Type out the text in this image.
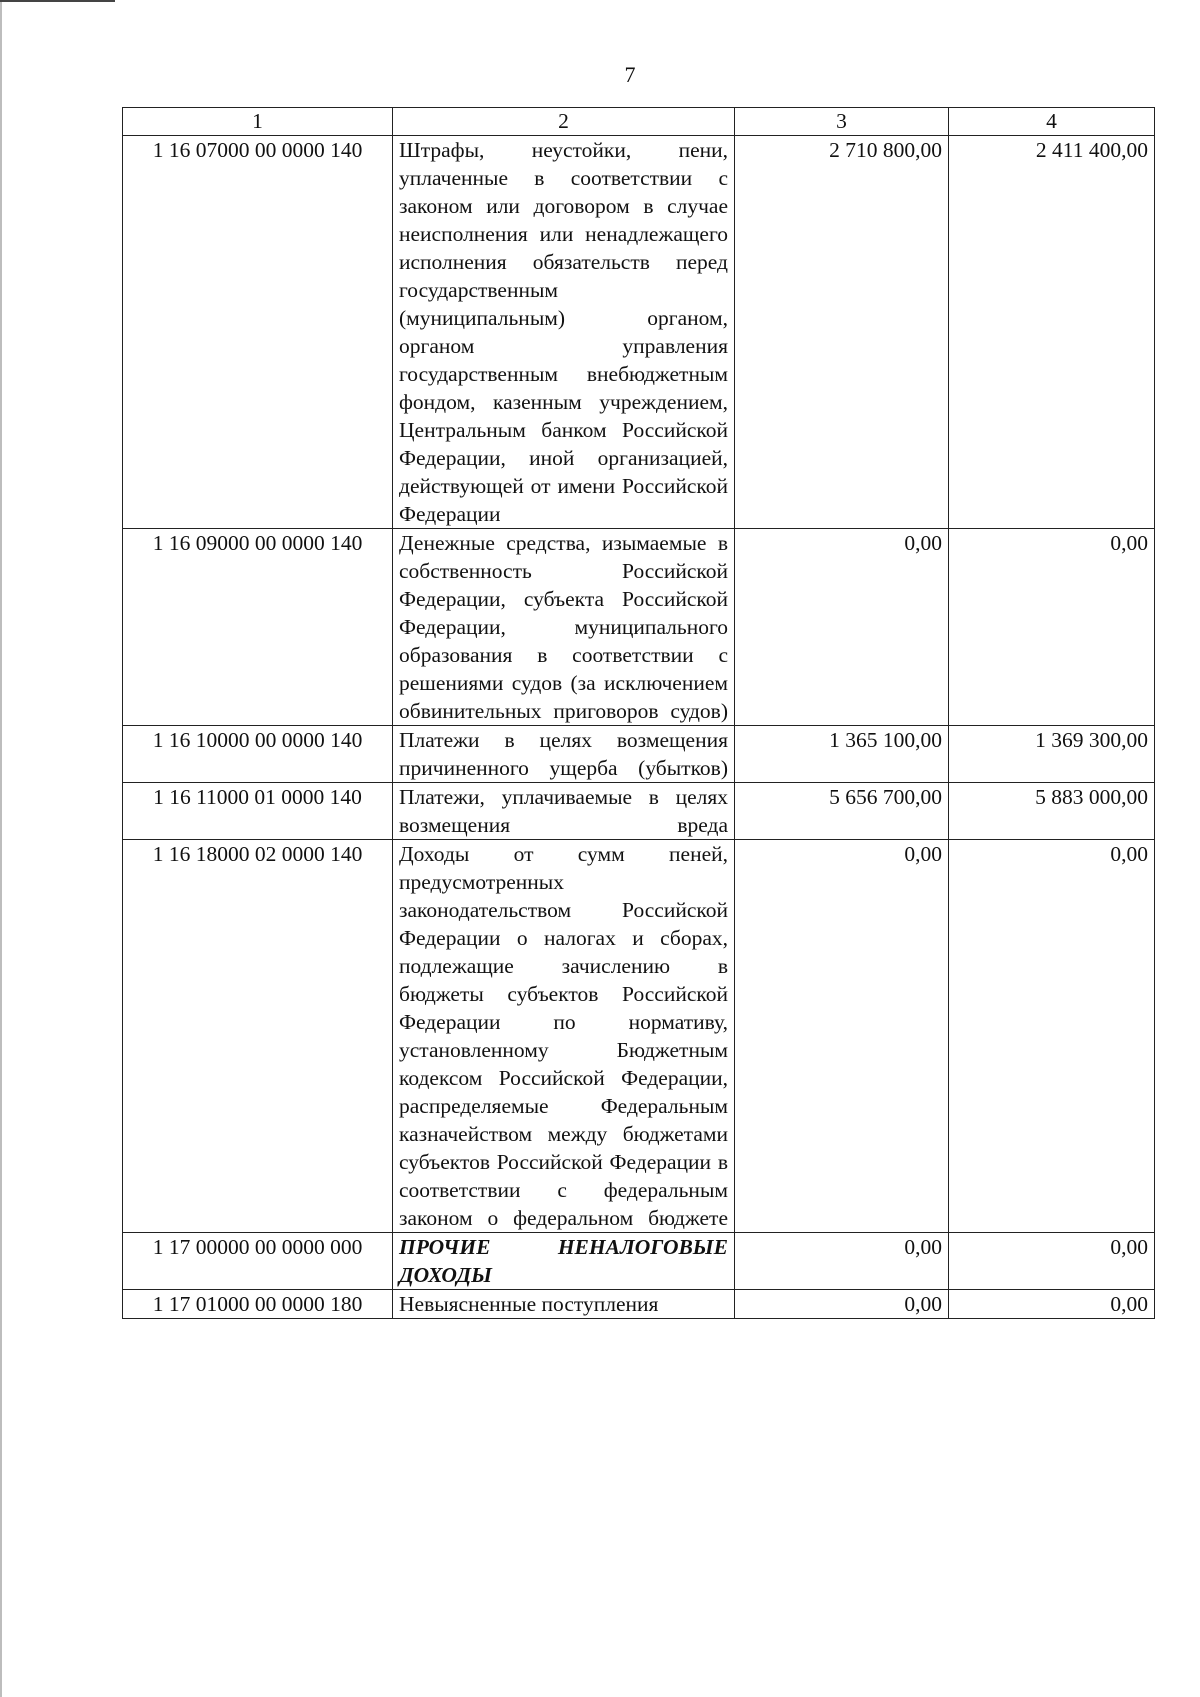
7
1	2	3	4
1 16 07000 00 0000 140	Штрафы, неустойки, пени, уплаченные в соответствии с законом или договором в случае неисполнения или ненадлежащего исполнения обязательств перед государственным (муниципальным) органом, органом управления государственным внебюджетным фондом, казенным учреждением, Центральным банком Российской Федерации, иной организацией, действующей от имени Российской Федерации	2 710 800,00	2 411 400,00
1 16 09000 00 0000 140	Денежные средства, изымаемые в собственность Российской Федерации, субъекта Российской Федерации, муниципального образования в соответствии с решениями судов (за исключением обвинительных приговоров судов)	0,00	0,00
1 16 10000 00 0000 140	Платежи в целях возмещения причиненного ущерба (убытков)	1 365 100,00	1 369 300,00
1 16 11000 01 0000 140	Платежи, уплачиваемые в целях возмещения вреда	5 656 700,00	5 883 000,00
1 16 18000 02 0000 140	Доходы от сумм пеней, предусмотренных законодательством Российской Федерации о налогах и сборах, подлежащие зачислению в бюджеты субъектов Российской Федерации по нормативу, установленному Бюджетным кодексом Российской Федерации, распределяемые Федеральным казначейством между бюджетами субъектов Российской Федерации в соответствии с федеральным законом о федеральном бюджете	0,00	0,00
1 17 00000 00 0000 000	ПРОЧИЕ НЕНАЛОГОВЫЕ ДОХОДЫ	0,00	0,00
1 17 01000 00 0000 180	Невыясненные поступления	0,00	0,00
